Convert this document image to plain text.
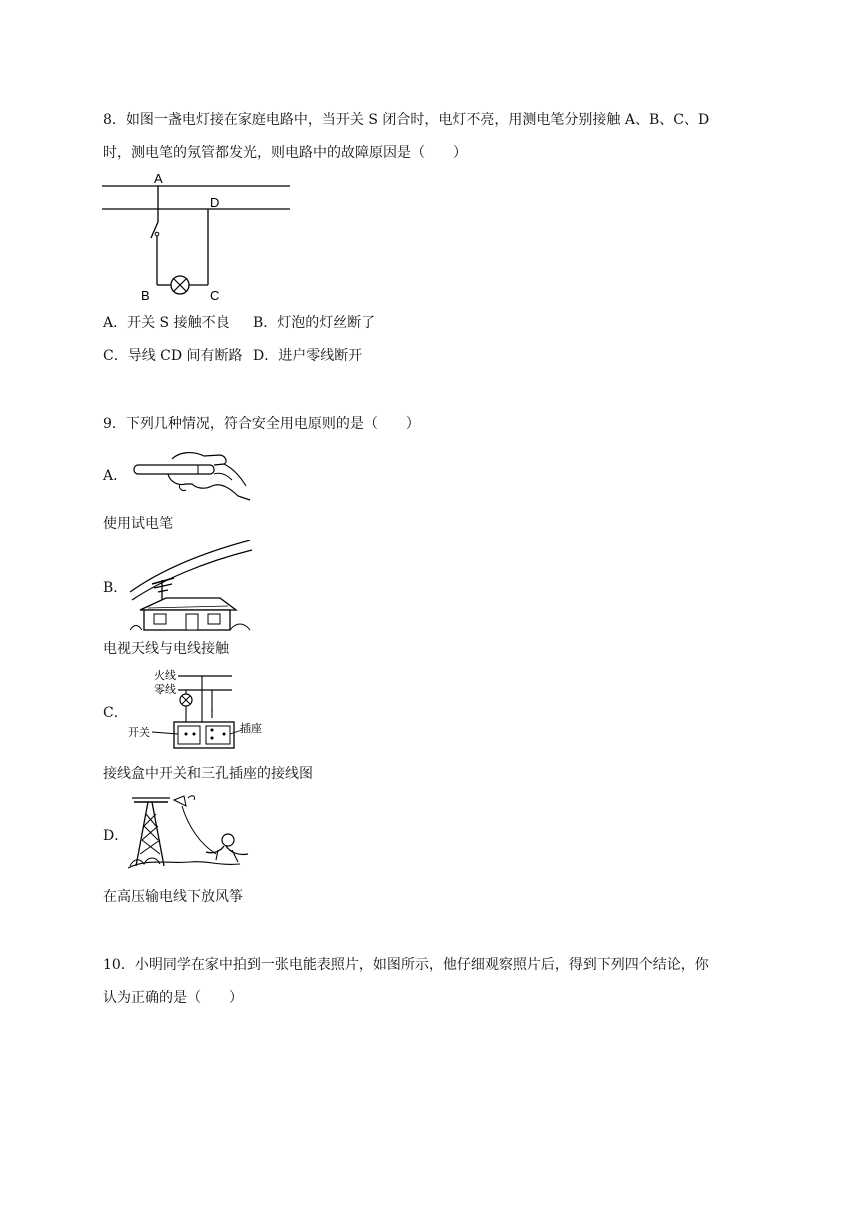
8．如图一盏电灯接在家庭电路中，当开关 S 闭合时，电灯不亮，用测电笔分别接触 A、B、C、D
时，测电笔的氖管都发光，则电路中的故障原因是（　　）
A
D
B	C
A．开关 S 接触不良 B．灯泡的灯丝断了
C．导线 CD 间有断路 D．进户零线断开
9．下列几种情况，符合安全用电原则的是（　　）
A．
使用试电笔
B．
电视天线与电线接触
C．
火线
零线
开关	插座
接线盒中开关和三孔插座的接线图
D．
在高压输电线下放风筝
10．小明同学在家中拍到一张电能表照片，如图所示，他仔细观察照片后，得到下列四个结论，你
认为正确的是（　　）
